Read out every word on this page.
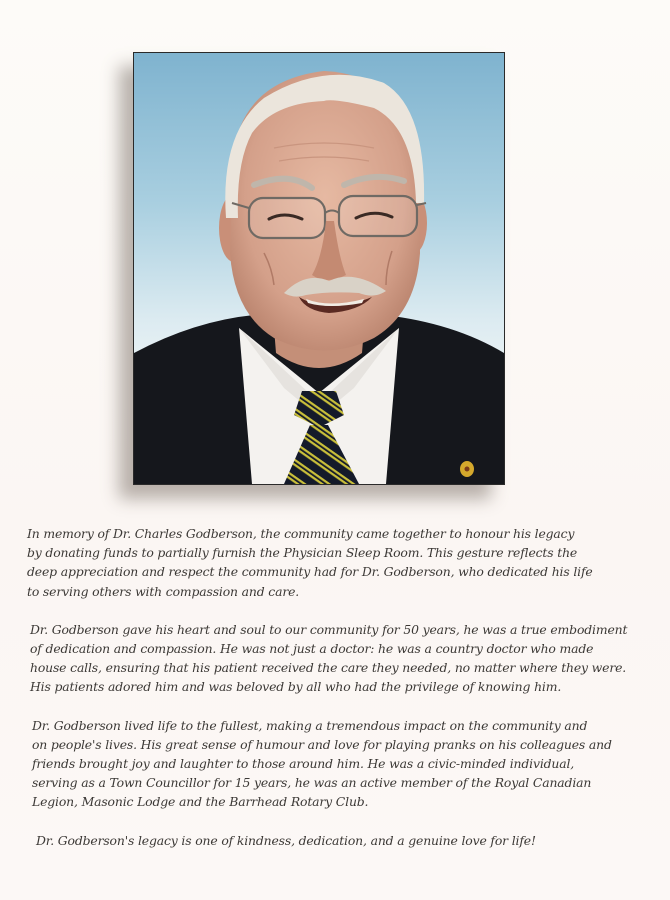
In memory of Dr. Charles Godberson, the community came together to honour his legacy
by donating funds to partially furnish the Physician Sleep Room. This gesture reflects the
deep appreciation and respect the community had for Dr. Godberson, who dedicated his life
to serving others with compassion and care.

Dr. Godberson gave his heart and soul to our community for 50 years, he was a true embodiment
of dedication and compassion. He was not just a doctor: he was a country doctor who made
house calls, ensuring that his patient received the care they needed, no matter where they were.
His patients adored him and was beloved by all who had the privilege of knowing him.

Dr. Godberson lived life to the fullest, making a tremendous impact on the community and
on people's lives. His great sense of humour and love for playing pranks on his colleagues and
friends brought joy and laughter to those around him. He was a civic-minded individual,
serving as a Town Councillor for 15 years, he was an active member of the Royal Canadian
Legion, Masonic Lodge and the Barrhead Rotary Club.

Dr. Godberson's legacy is one of kindness, dedication, and a genuine love for life!
